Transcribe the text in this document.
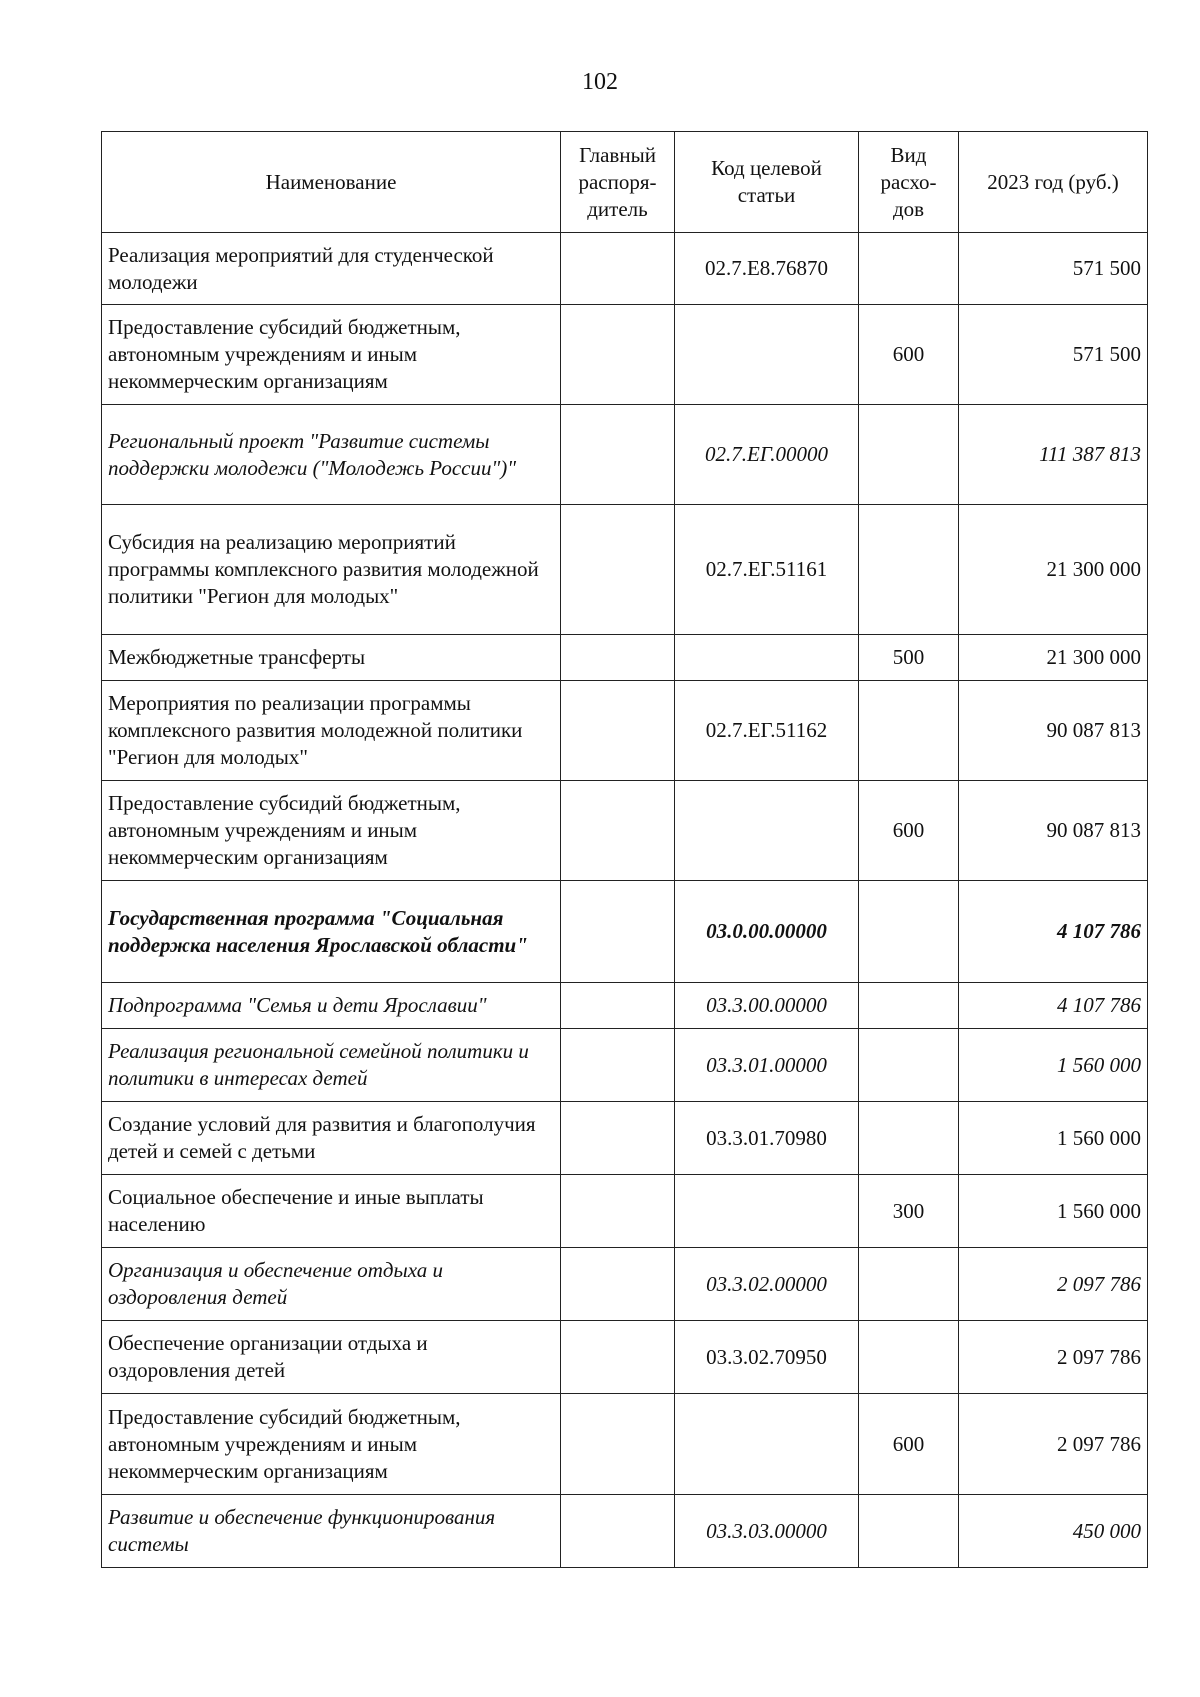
102
Наименование	Главный распоря-дитель	Код целевой статьи	Вид расхо-дов	2023 год (руб.)
Реализация мероприятий для студенческой молодежи		02.7.Е8.76870		571 500
Предоставление субсидий бюджетным, автономным учреждениям и иным некоммерческим организациям			600	571 500
Региональный проект "Развитие системы поддержки молодежи ("Молодежь России")"		02.7.ЕГ.00000		111 387 813
Субсидия на реализацию мероприятий программы комплексного развития молодежной политики "Регион для молодых"		02.7.ЕГ.51161		21 300 000
Межбюджетные трансферты			500	21 300 000
Мероприятия по реализации программы комплексного развития молодежной политики "Регион для молодых"		02.7.ЕГ.51162		90 087 813
Предоставление субсидий бюджетным, автономным учреждениям и иным некоммерческим организациям			600	90 087 813
Государственная программа "Социальная поддержка населения Ярославской области"		03.0.00.00000		4 107 786
Подпрограмма "Семья и дети Ярославии"		03.3.00.00000		4 107 786
Реализация региональной семейной политики и политики в интересах детей		03.3.01.00000		1 560 000
Создание условий для развития и благополучия детей и семей с детьми		03.3.01.70980		1 560 000
Социальное обеспечение и иные выплаты населению			300	1 560 000
Организация и обеспечение отдыха и оздоровления детей		03.3.02.00000		2 097 786
Обеспечение организации отдыха и оздоровления детей		03.3.02.70950		2 097 786
Предоставление субсидий бюджетным, автономным учреждениям и иным некоммерческим организациям			600	2 097 786
Развитие и обеспечение функционирования системы		03.3.03.00000		450 000
